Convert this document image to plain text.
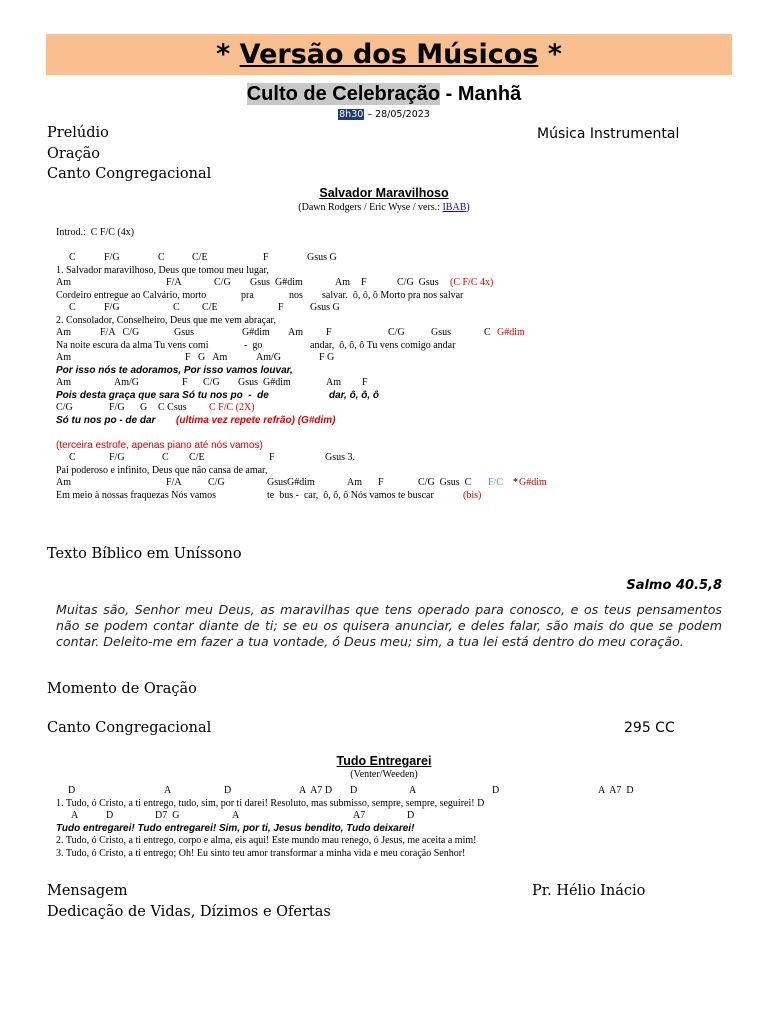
* Versão dos Músicos *
Culto de Celebração - Manhã
8h30 – 28/05/2023
Prelúdio	Música Instrumental
Oração
Canto Congregacional
Salvador Maravilhoso
(Dawn Rodgers / Eric Wyse / vers.: IBAB)
Introd.:  C F/C (4x)
C	F/G	C	C/E	F	Gsus G
1. Salvador maravilhoso, Deus que tomou meu lugar,
Am	F/A	C/G Gsus  G#dim	Am F	C/G  Gsus (C F/C 4x)
Cordeiro entregue ao Calvário, morto	pra	nos salvar.  ô, ô, ô Morto pra nos salvar
C	F/G	C C/E	F	Gsus G
2. Consolador, Conselheiro, Deus que me vem abraçar,
Am	F/A   C/G	Gsus	G#dim Am F	C/G	Gsus	C G#dim
Na noite escura da alma Tu vens comi	-  go	andar,  ô, ô, ô Tu vens comigo andar
Am	F   G   Am	Am/G	F G
Por isso nós te adoramos, Por isso vamos louvar,
Am	Am/G	F C/G Gsus  G#dim	Am F
Pois desta graça que sara Só tu nos po  -  de	dar, ô, ô, ô
C/G	F/G G C Csus C F/C (2X)
Só tu nos po - de dar (ultima vez repete refrão) (G#dim)
(terceira estrofe, apenas piano até nós vamos)
C	F/G	C C/E	F	Gsus 3.
Pai poderoso e infinito, Deus que não cansa de amar,
Am	F/A	C/G	GsusG#dim	Am F	C/G  Gsus  C F/C * G#dim
Em meio à nossas fraquezas Nós vamos	te  bus -  car,  ô, ô, ô Nós vamos te buscar	(bis)
Texto Bíblico em Uníssono
Salmo 40.5,8
Muitas são, Senhor meu Deus, as maravilhas que tens operado para conosco, e os teus pensamentos não se podem contar diante de ti; se eu os quisera anunciar, e deles falar, são mais do que se podem contar. Deleito-me em fazer a tua vontade, ó Deus meu; sim, a tua lei está dentro do meu coração.
Momento de Oração
Canto Congregacional	295 CC
Tudo Entregarei
(Venter/Weeden)
D	A	D	A  A7 D D	A	D	A  A7  D
1. Tudo, ó Cristo, a ti entrego, tudo, sim, por ti darei! Resoluto, mas submisso, sempre, sempre, seguirei! D
A	D	D7  G	A	A7	D
Tudo entregarei! Tudo entregarei! Sim, por ti, Jesus bendito, Tudo deixarei!
2. Tudo, ó Cristo, a ti entrego, corpo e alma, eis aqui! Este mundo mau renego, ó Jesus, me aceita a mim!
3. Tudo, ó Cristo, a ti entrego; Oh! Eu sinto teu amor transformar a minha vida e meu coração Senhor!
Mensagem	Pr. Hélio Inácio
Dedicação de Vidas, Dízimos e Ofertas
